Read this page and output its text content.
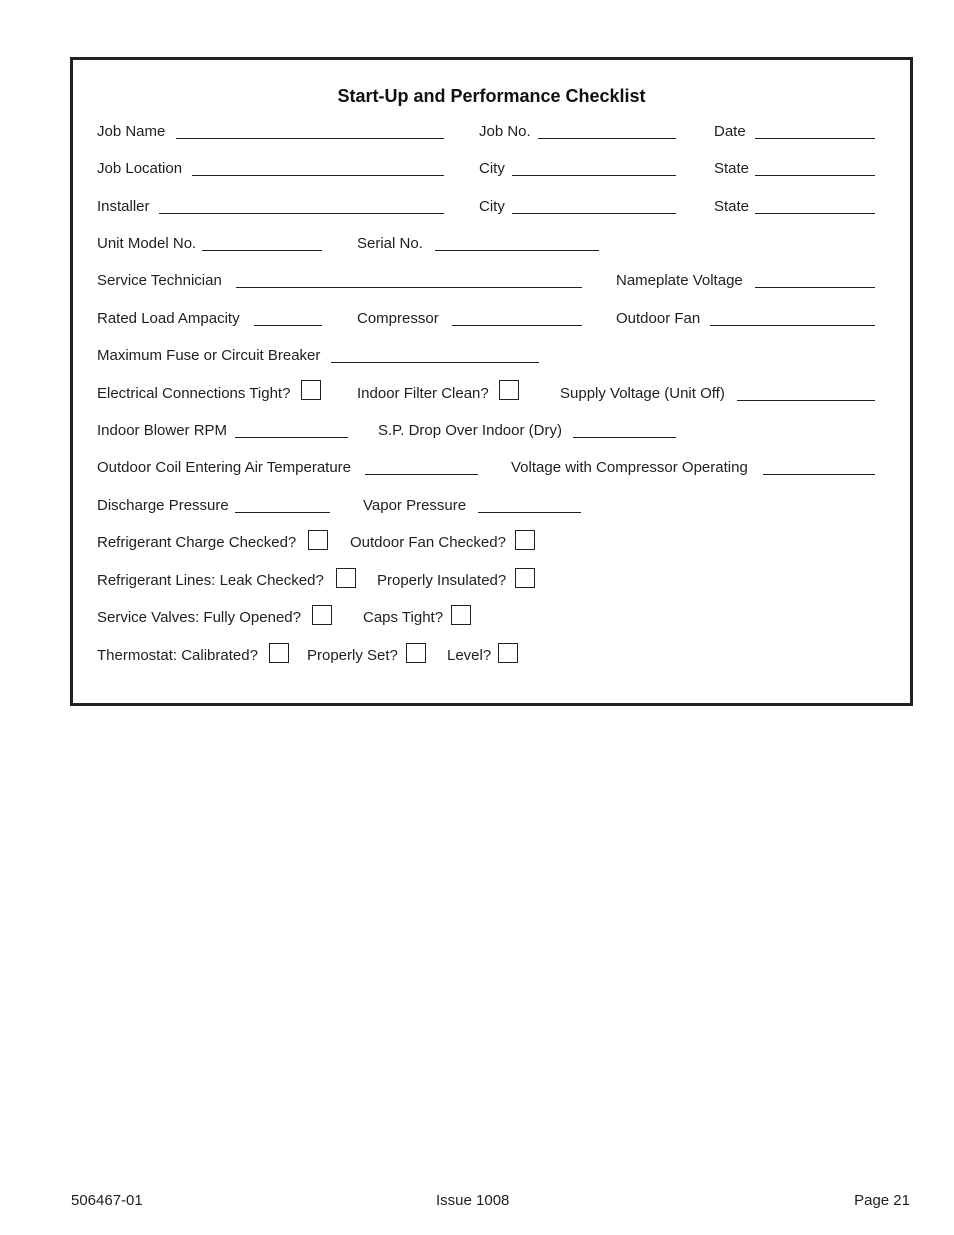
Start-Up and Performance Checklist
Job Name	Job No.	Date
Job Location	City	State
Installer	City	State
Unit Model No.	Serial No.
Service Technician	Nameplate Voltage
Rated Load Ampacity	Compressor	Outdoor Fan
Maximum Fuse or Circuit Breaker
Electrical Connections Tight?	Indoor Filter Clean?	Supply Voltage (Unit Off)
Indoor Blower RPM	S.P. Drop Over Indoor (Dry)
Outdoor Coil Entering Air Temperature	Voltage with Compressor Operating
Discharge Pressure	Vapor Pressure
Refrigerant Charge Checked?	Outdoor Fan Checked?
Refrigerant Lines: Leak Checked?	Properly Insulated?
Service Valves: Fully Opened?	Caps Tight?
Thermostat: Calibrated?	Properly Set?	Level?
506467-01	Issue 1008	Page 21
